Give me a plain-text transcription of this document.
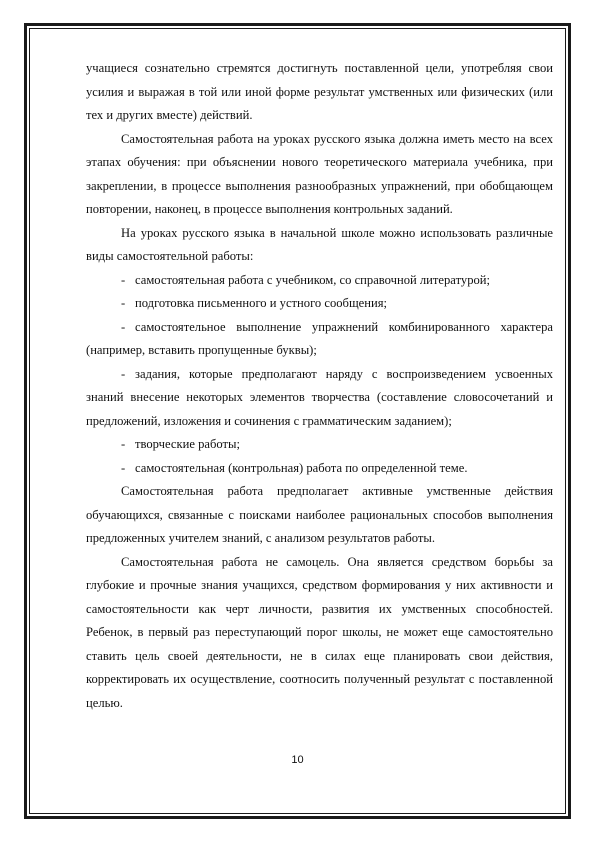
учащиеся сознательно стремятся достигнуть поставленной цели, употребляя свои усилия и выражая в той или иной форме результат умственных или физических (или тех и других вместе) действий.

Самостоятельная работа на уроках русского языка должна иметь место на всех этапах обучения: при объяснении нового теоретического материала учебника, при закреплении, в процессе выполнения разнообразных упражнений, при обобщающем повторении, наконец, в процессе выполнения контрольных заданий.

На уроках русского языка в начальной школе можно использовать различные виды самостоятельной работы:

- самостоятельная работа с учебником, со справочной литературой;

- подготовка письменного и устного сообщения;

- самостоятельное выполнение упражнений комбинированного характера (например, вставить пропущенные буквы);

- задания, которые предполагают наряду с воспроизведением усвоенных знаний внесение некоторых элементов творчества (составление словосочетаний и предложений, изложения и сочинения с грамматическим заданием);

- творческие работы;

- самостоятельная (контрольная) работа по определенной теме.

Самостоятельная работа предполагает активные умственные действия обучающихся, связанные с поисками наиболее рациональных способов выполнения предложенных учителем знаний, с анализом результатов работы.

Самостоятельная работа не самоцель. Она является средством борьбы за глубокие и прочные знания учащихся, средством формирования у них активности и самостоятельности как черт личности, развития их умственных способностей. Ребенок, в первый раз переступающий порог школы, не может еще самостоятельно ставить цель своей деятельности, не в силах еще планировать свои действия, корректировать их осуществление, соотносить полученный результат с поставленной целью.

10
